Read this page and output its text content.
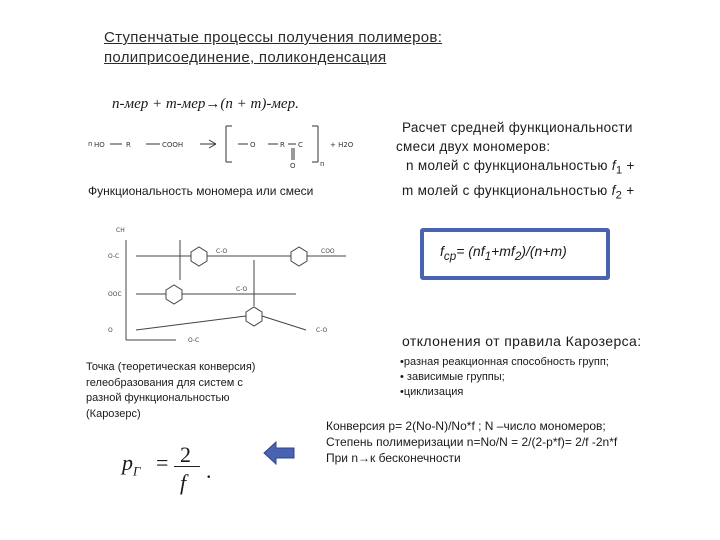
Ступенчатые процессы получения полимеров:
полиприсоединение, поликонденсация
n-мер + m-мер→(n + m)-мер.
HO	R	COOH	O	R C
O
+ H2O
n
n
Функциональность мономера или смеси
Расчет средней функциональности
смеси двух мономеров:
n молей с функциональностью $f_1$ +
m молей с функциональностью $f_2$ +
$f_{ср}= (nf_1+mf_2)/(n+m)$
O-C
C-O	COO
OOC
C-O
O	C-O
CH
O-C	отклонения от правила Карозерса:
•разная реакционная способность групп;
• зависимые группы;
•циклизация
Точка (теоретическая конверсия)
гелеобразования для систем с
разной функциональностью
(Карозерс)
$p_Г = 2$
f .
Конверсия p= 2(No-N)/No*f ; N –число мономеров;
Степень полимеризации n=No/N = 2/(2-p*f)= 2/f -2n*f
При n→к бесконечности
